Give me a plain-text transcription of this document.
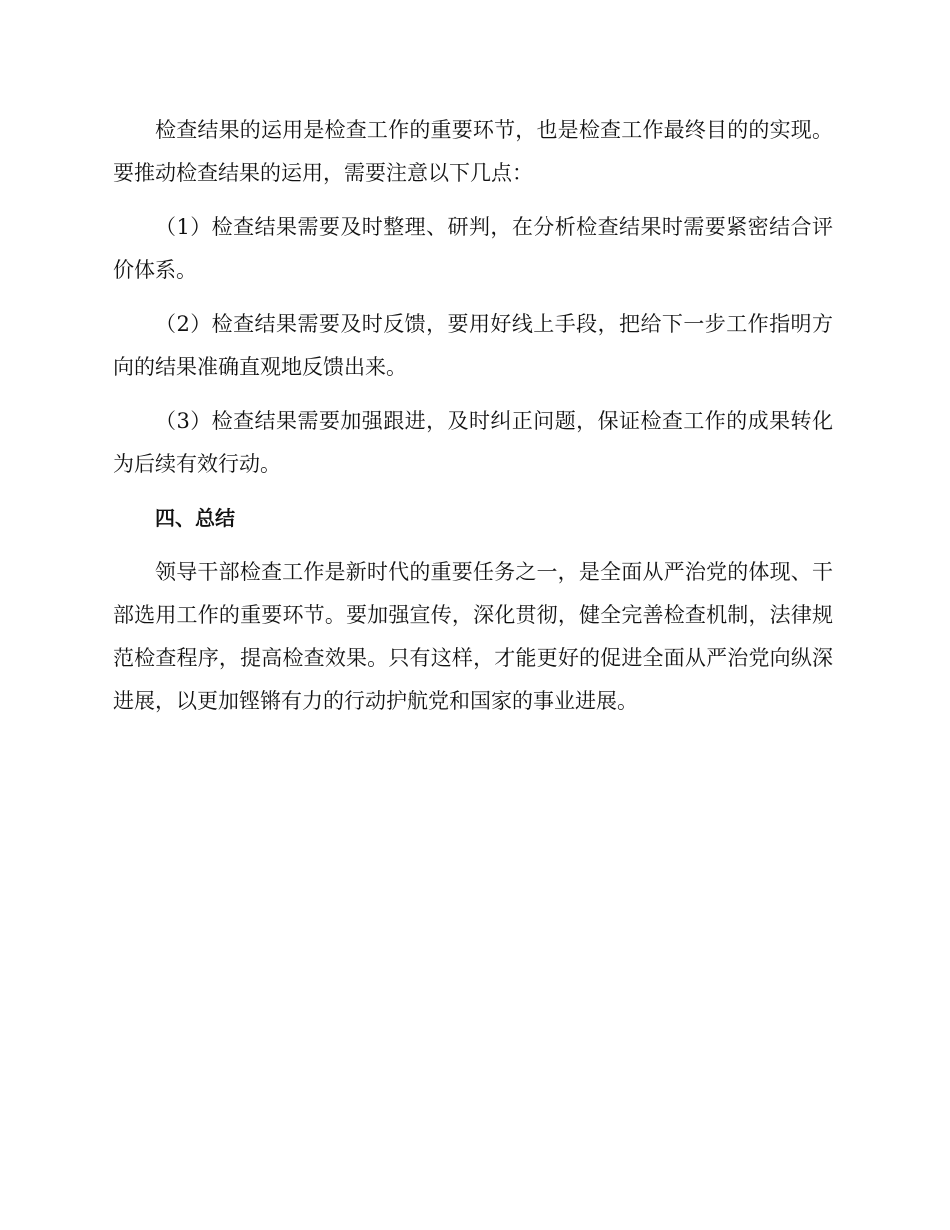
检查结果的运用是检查工作的重要环节，也是检查工作最终目的的实现。要推动检查结果的运用，需要注意以下几点：

（1）检查结果需要及时整理、研判，在分析检查结果时需要紧密结合评价体系。

（2）检查结果需要及时反馈，要用好线上手段，把给下一步工作指明方向的结果准确直观地反馈出来。

（3）检查结果需要加强跟进，及时纠正问题，保证检查工作的成果转化为后续有效行动。

四、总结

领导干部检查工作是新时代的重要任务之一，是全面从严治党的体现、干部选用工作的重要环节。要加强宣传，深化贯彻，健全完善检查机制，法律规范检查程序，提高检查效果。只有这样，才能更好的促进全面从严治党向纵深进展，以更加铿锵有力的行动护航党和国家的事业进展。
